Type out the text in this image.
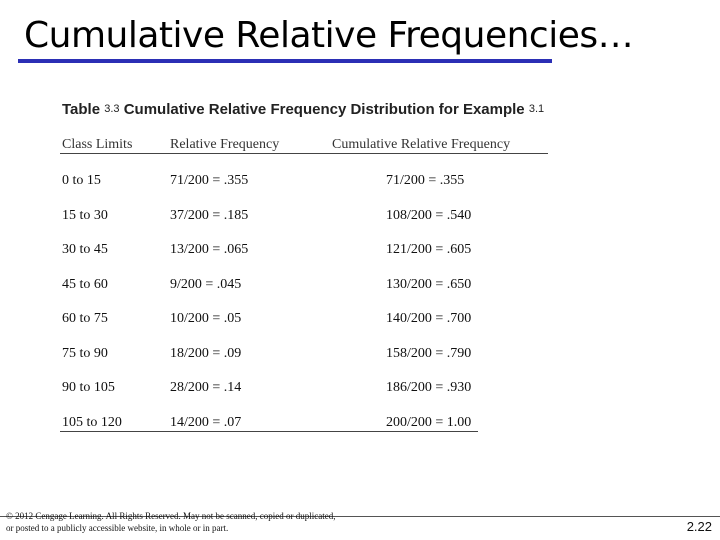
Cumulative Relative Frequencies…
Table 3.3 Cumulative Relative Frequency Distribution for Example 3.1
Class Limits	Relative Frequency	Cumulative Relative Frequency
0 to 15	71/200 = .355	71/200 = .355
15 to 30	37/200 = .185	108/200 = .540
30 to 45	13/200 = .065	121/200 = .605
45 to 60	9/200 = .045	130/200 = .650
60 to 75	10/200 = .05	140/200 = .700
75 to 90	18/200 = .09	158/200 = .790
90 to 105	28/200 = .14	186/200 = .930
105 to 120	14/200 = .07	200/200 = 1.00
© 2012 Cengage Learning. All Rights Reserved. May not be scanned, copied or duplicated, or posted to a publicly accessible website, in whole or in part.	2.22
